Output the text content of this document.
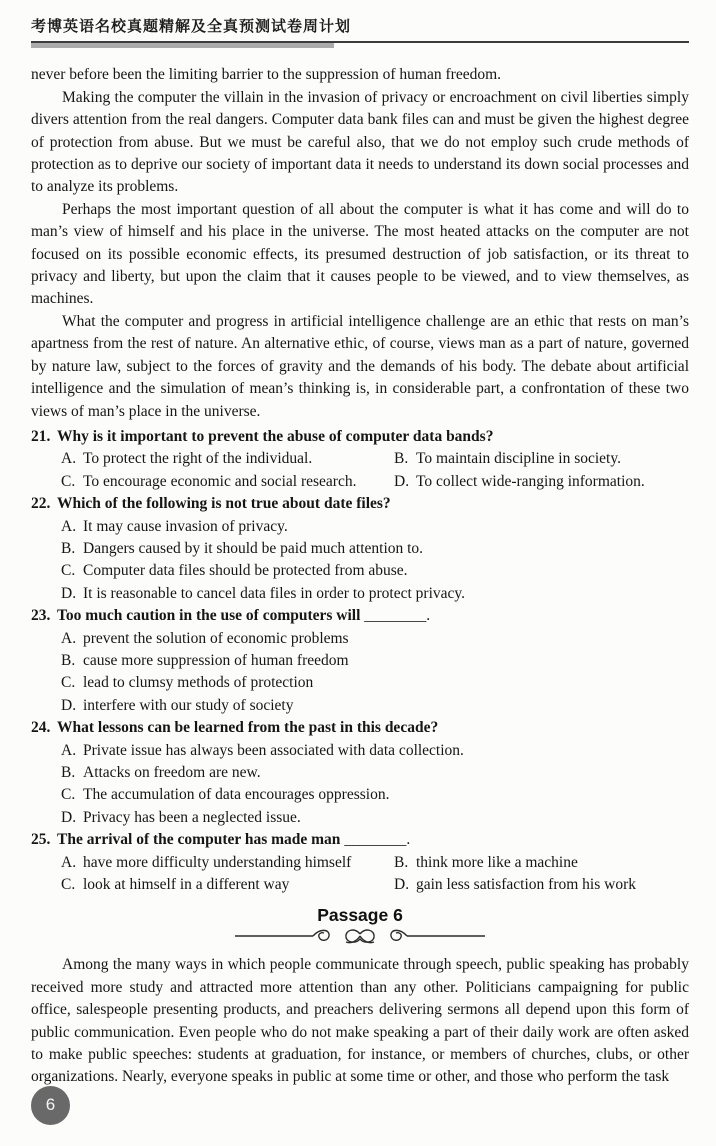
考博英语名校真题精解及全真预测试卷周计划

never before been the limiting barrier to the suppression of human freedom.

Making the computer the villain in the invasion of privacy or encroachment on civil liberties simply divers attention from the real dangers. Computer data bank files can and must be given the highest degree of protection from abuse. But we must be careful also, that we do not employ such crude methods of protection as to deprive our society of important data it needs to understand its down social processes and to analyze its problems.

Perhaps the most important question of all about the computer is what it has come and will do to man’s view of himself and his place in the universe. The most heated attacks on the computer are not focused on its possible economic effects, its presumed destruction of job satisfaction, or its threat to privacy and liberty, but upon the claim that it causes people to be viewed, and to view themselves, as machines.

What the computer and progress in artificial intelligence challenge are an ethic that rests on man’s apartness from the rest of nature. An alternative ethic, of course, views man as a part of nature, governed by nature law, subject to the forces of gravity and the demands of his body. The debate about artificial intelligence and the simulation of mean’s thinking is, in considerable part, a confrontation of these two views of man’s place in the universe.

21. Why is it important to prevent the abuse of computer data bands?
A. To protect the right of the individual.	B. To maintain discipline in society.
C. To encourage economic and social research.	D. To collect wide-ranging information.
22. Which of the following is not true about date files?
A. It may cause invasion of privacy.
B. Dangers caused by it should be paid much attention to.
C. Computer data files should be protected from abuse.
D. It is reasonable to cancel data files in order to protect privacy.
23. Too much caution in the use of computers will ________.
A. prevent the solution of economic problems
B. cause more suppression of human freedom
C. lead to clumsy methods of protection
D. interfere with our study of society
24. What lessons can be learned from the past in this decade?
A. Private issue has always been associated with data collection.
B. Attacks on freedom are new.
C. The accumulation of data encourages oppression.
D. Privacy has been a neglected issue.
25. The arrival of the computer has made man ________.
A. have more difficulty understanding himself	B. think more like a machine
C. look at himself in a different way	D. gain less satisfaction from his work
Passage 6

Among the many ways in which people communicate through speech, public speaking has probably received more study and attracted more attention than any other. Politicians campaigning for public office, salespeople presenting products, and preachers delivering sermons all depend upon this form of public communication. Even people who do not make speaking a part of their daily work are often asked to make public speeches: students at graduation, for instance, or members of churches, clubs, or other organizations. Nearly, everyone speaks in public at some time or other, and those who perform the task

6
